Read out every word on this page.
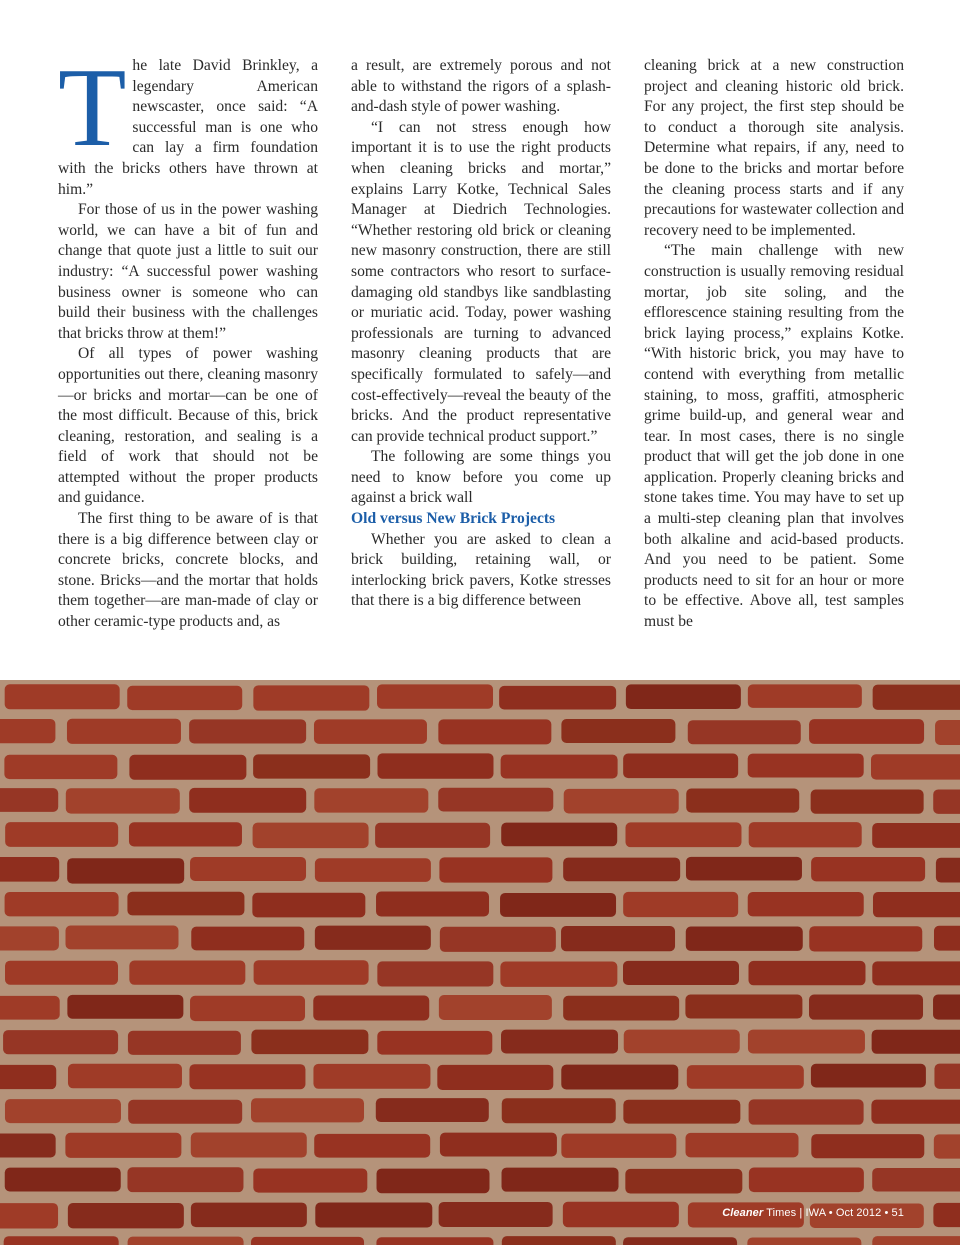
The late David Brinkley, a legendary American newscaster, once said: “A successful man is one who can lay a firm foundation with the bricks others have thrown at him.”

For those of us in the power washing world, we can have a bit of fun and change that quote just a little to suit our industry: “A successful power washing business owner is someone who can build their business with the challenges that bricks throw at them!”

Of all types of power washing opportunities out there, cleaning masonry—or bricks and mortar—can be one of the most difficult. Because of this, brick cleaning, restoration, and sealing is a field of work that should not be attempted without the proper products and guidance.

The first thing to be aware of is that there is a big difference between clay or concrete bricks, concrete blocks, and stone. Bricks—and the mortar that holds them together—are man-made of clay or other ceramic-type products and, as

a result, are extremely porous and not able to withstand the rigors of a splash-and-dash style of power washing.

“I can not stress enough how important it is to use the right products when cleaning bricks and mortar,” explains Larry Kotke, Technical Sales Manager at Diedrich Technologies. “Whether restoring old brick or cleaning new masonry construction, there are still some contractors who resort to surface-damaging old standbys like sandblasting or muriatic acid. Today, power washing professionals are turning to advanced masonry cleaning products that are specifically formulated to safely—and cost-effectively—reveal the beauty of the bricks. And the product representative can provide technical product support.”

The following are some things you need to know before you come up against a brick wall

Old versus New Brick Projects

Whether you are asked to clean a brick building, retaining wall, or interlocking brick pavers, Kotke stresses that there is a big difference between

cleaning brick at a new construction project and cleaning historic old brick. For any project, the first step should be to conduct a thorough site analysis. Determine what repairs, if any, need to be done to the bricks and mortar before the cleaning process starts and if any precautions for wastewater collection and recovery need to be implemented.

“The main challenge with new construction is usually removing residual mortar, job site soling, and the efflorescence staining resulting from the brick laying process,” explains Kotke. “With historic brick, you may have to contend with everything from metallic staining, to moss, graffiti, atmospheric grime build-up, and general wear and tear. In most cases, there is no single product that will get the job done in one application. Properly cleaning bricks and stone takes time. You may have to set up a multi-step cleaning plan that involves both alkaline and acid-based products. And you need to be patient. Some products need to sit for an hour or more to be effective. Above all, test samples must be

Cleaner Times | IWA • Oct 2012 • 51
